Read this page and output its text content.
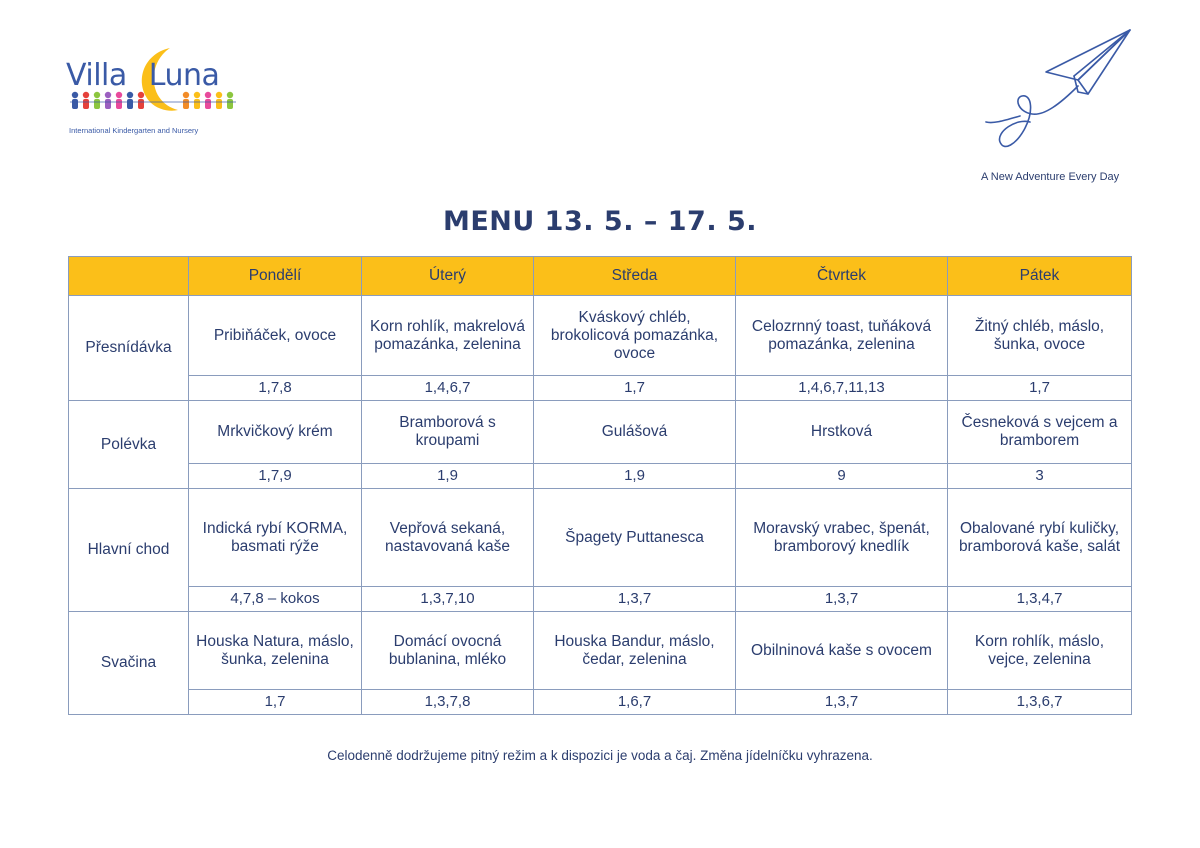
Villa Luna
International Kindergarten and Nursery
A New Adventure Every Day
MENU 13. 5. – 17. 5.
	Pondělí	Úterý	Středa	Čtvrtek	Pátek
Přesnídávka	Pribiňáček, ovoce	Korn rohlík, makrelová pomazánka, zelenina	Kváskový chléb, brokolicová pomazánka, ovoce	Celozrnný toast, tuňáková pomazánka, zelenina	Žitný chléb, máslo, šunka, ovoce
	1,7,8	1,4,6,7	1,7	1,4,6,7,11,13	1,7
Polévka	Mrkvičkový krém	Bramborová s kroupami	Gulášová	Hrstková	Česneková s vejcem a bramborem
	1,7,9	1,9	1,9	9	3
Hlavní chod	Indická rybí KORMA, basmati rýže	Vepřová sekaná, nastavovaná kaše	Špagety Puttanesca	Moravský vrabec, špenát, bramborový knedlík	Obalované rybí kuličky, bramborová kaše, salát
	4,7,8 – kokos	1,3,7,10	1,3,7	1,3,7	1,3,4,7
Svačina	Houska Natura, máslo, šunka, zelenina	Domácí ovocná bublanina, mléko	Houska Bandur, máslo, čedar, zelenina	Obilninová kaše s ovocem	Korn rohlík, máslo, vejce, zelenina
	1,7	1,3,7,8	1,6,7	1,3,7	1,3,6,7
Celodenně dodržujeme pitný režim a k dispozici je voda a čaj. Změna jídelníčku vyhrazena.
